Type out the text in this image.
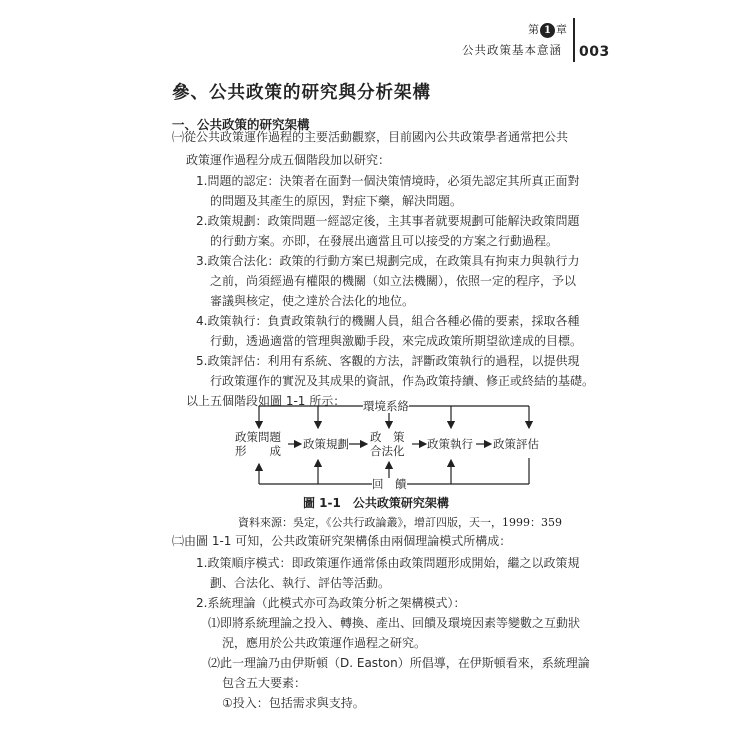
第 1 章
公共政策基本意涵 003
參、公共政策的研究與分析架構
一、公共政策的研究架構
㈠從公共政策運作過程的主要活動觀察，目前國內公共政策學者通常把公共
政策運作過程分成五個階段加以研究：
1.問題的認定：決策者在面對一個決策情境時，必須先認定其所真正面對
的問題及其產生的原因，對症下藥，解決問題。
2.政策規劃：政策問題一經認定後，主其事者就要規劃可能解決政策問題
的行動方案。亦即，在發展出適當且可以接受的方案之行動過程。
3.政策合法化：政策的行動方案已規劃完成，在政策具有拘束力與執行力
之前，尚須經過有權限的機關（如立法機關），依照一定的程序，予以
審議與核定，使之達於合法化的地位。
4.政策執行：負責政策執行的機關人員，組合各種必備的要素，採取各種
行動，透過適當的管理與激勵手段，來完成政策所期望欲達成的目標。
5.政策評估：利用有系統、客觀的方法，評斷政策執行的過程，以提供現
行政策運作的實況及其成果的資訊，作為政策持續、修正或終結的基礎。
以上五個階段如圖 1-1 所示： 環境系絡
政策問題
形　　成 政策規劃 政　策
合法化 政策執行 政策評估
回　饋
圖 1-1　公共政策研究架構
資料來源：吳定，《公共行政論叢》，增訂四版，天一，1999：359
㈡由圖 1-1 可知，公共政策研究架構係由兩個理論模式所構成：
1.政策順序模式：即政策運作通常係由政策問題形成開始，繼之以政策規
劃、合法化、執行、評估等活動。
2.系統理論（此模式亦可為政策分析之架構模式）：
⑴即將系統理論之投入、轉換、產出、回饋及環境因素等變數之互動狀
況，應用於公共政策運作過程之研究。
⑵此一理論乃由伊斯頓（D. Easton）所倡導，在伊斯頓看來，系統理論
包含五大要素：
①投入：包括需求與支持。
